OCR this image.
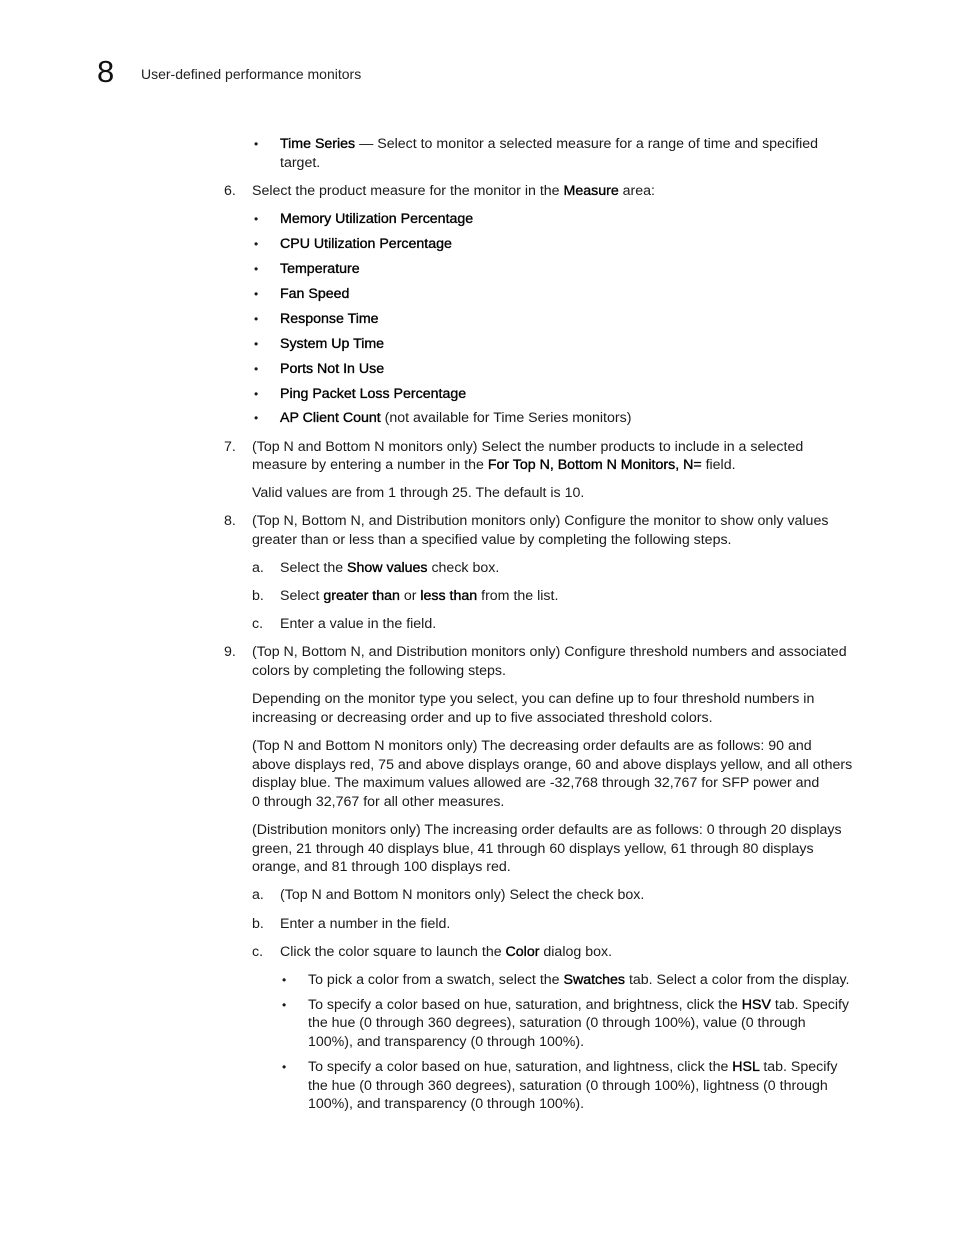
8 User-defined performance monitors
• Time Series — Select to monitor a selected measure for a range of time and specified
target.
6. Select the product measure for the monitor in the Measure area:
• Memory Utilization Percentage
• CPU Utilization Percentage
• Temperature
• Fan Speed
• Response Time
• System Up Time
• Ports Not In Use
• Ping Packet Loss Percentage
• AP Client Count (not available for Time Series monitors)
7. (Top N and Bottom N monitors only) Select the number products to include in a selected
measure by entering a number in the For Top N, Bottom N Monitors, N= field.
Valid values are from 1 through 25. The default is 10.
8. (Top N, Bottom N, and Distribution monitors only) Configure the monitor to show only values
greater than or less than a specified value by completing the following steps.
a. Select the Show values check box.
b. Select greater than or less than from the list.
c. Enter a value in the field.
9. (Top N, Bottom N, and Distribution monitors only) Configure threshold numbers and associated
colors by completing the following steps.
Depending on the monitor type you select, you can define up to four threshold numbers in
increasing or decreasing order and up to five associated threshold colors.
(Top N and Bottom N monitors only) The decreasing order defaults are as follows: 90 and
above displays red, 75 and above displays orange, 60 and above displays yellow, and all others
display blue. The maximum values allowed are -32,768 through 32,767 for SFP power and
0 through 32,767 for all other measures.
(Distribution monitors only) The increasing order defaults are as follows: 0 through 20 displays
green, 21 through 40 displays blue, 41 through 60 displays yellow, 61 through 80 displays
orange, and 81 through 100 displays red.
a. (Top N and Bottom N monitors only) Select the check box.
b. Enter a number in the field.
c. Click the color square to launch the Color dialog box.
• To pick a color from a swatch, select the Swatches tab. Select a color from the display.
• To specify a color based on hue, saturation, and brightness, click the HSV tab. Specify
the hue (0 through 360 degrees), saturation (0 through 100%), value (0 through
100%), and transparency (0 through 100%).
• To specify a color based on hue, saturation, and lightness, click the HSL tab. Specify
the hue (0 through 360 degrees), saturation (0 through 100%), lightness (0 through
100%), and transparency (0 through 100%).
